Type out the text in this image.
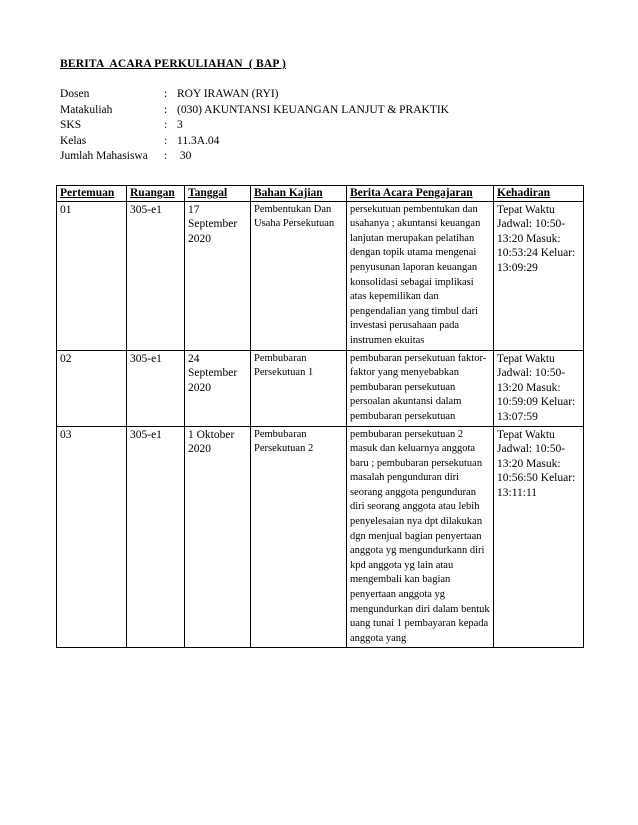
BERITA  ACARA PERKULIAHAN  ( BAP )
Dosen	:	ROY IRAWAN (RYI)
Matakuliah	:	(030) AKUNTANSI KEUANGAN LANJUT & PRAKTIK
SKS	:	3
Kelas	:	11.3A.04
Jumlah Mahasiswa	:	30
Pertemuan	Ruangan	Tanggal	Bahan Kajian	Berita Acara Pengajaran	Kehadiran
01	305-e1	17 September 2020	Pembentukan Dan Usaha Persekutuan	persekutuan pembentukan dan usahanya ; akuntansi keuangan lanjutan merupakan pelatihan dengan topik utama mengenai penyusunan laporan keuangan konsolidasi sebagai implikasi atas kepemilikan dan pengendalian yang timbul dari investasi perusahaan pada instrumen ekuitas	Tepat Waktu Jadwal: 10:50-13:20 Masuk: 10:53:24 Keluar: 13:09:29
02	305-e1	24 September 2020	Pembubaran Persekutuan 1	pembubaran persekutuan faktor-faktor yang menyebabkan pembubaran persekutuan persoalan akuntansi dalam pembubaran persekutuan	Tepat Waktu Jadwal: 10:50-13:20 Masuk: 10:59:09 Keluar: 13:07:59
03	305-e1	1 Oktober 2020	Pembubaran Persekutuan 2	pembubaran persekutuan 2 masuk dan keluarnya anggota baru ; pembubaran persekutuan masalah pengunduran diri seorang anggota pengunduran diri seorang anggota atau lebih penyelesaian nya dpt dilakukan dgn menjual bagian penyertaan anggota yg mengundurkann diri kpd anggota yg lain atau mengembali kan bagian penyertaan anggota yg mengundurkan diri dalam bentuk uang tunai 1 pembayaran kepada anggota yang	Tepat Waktu Jadwal: 10:50-13:20 Masuk: 10:56:50 Keluar: 13:11:11
